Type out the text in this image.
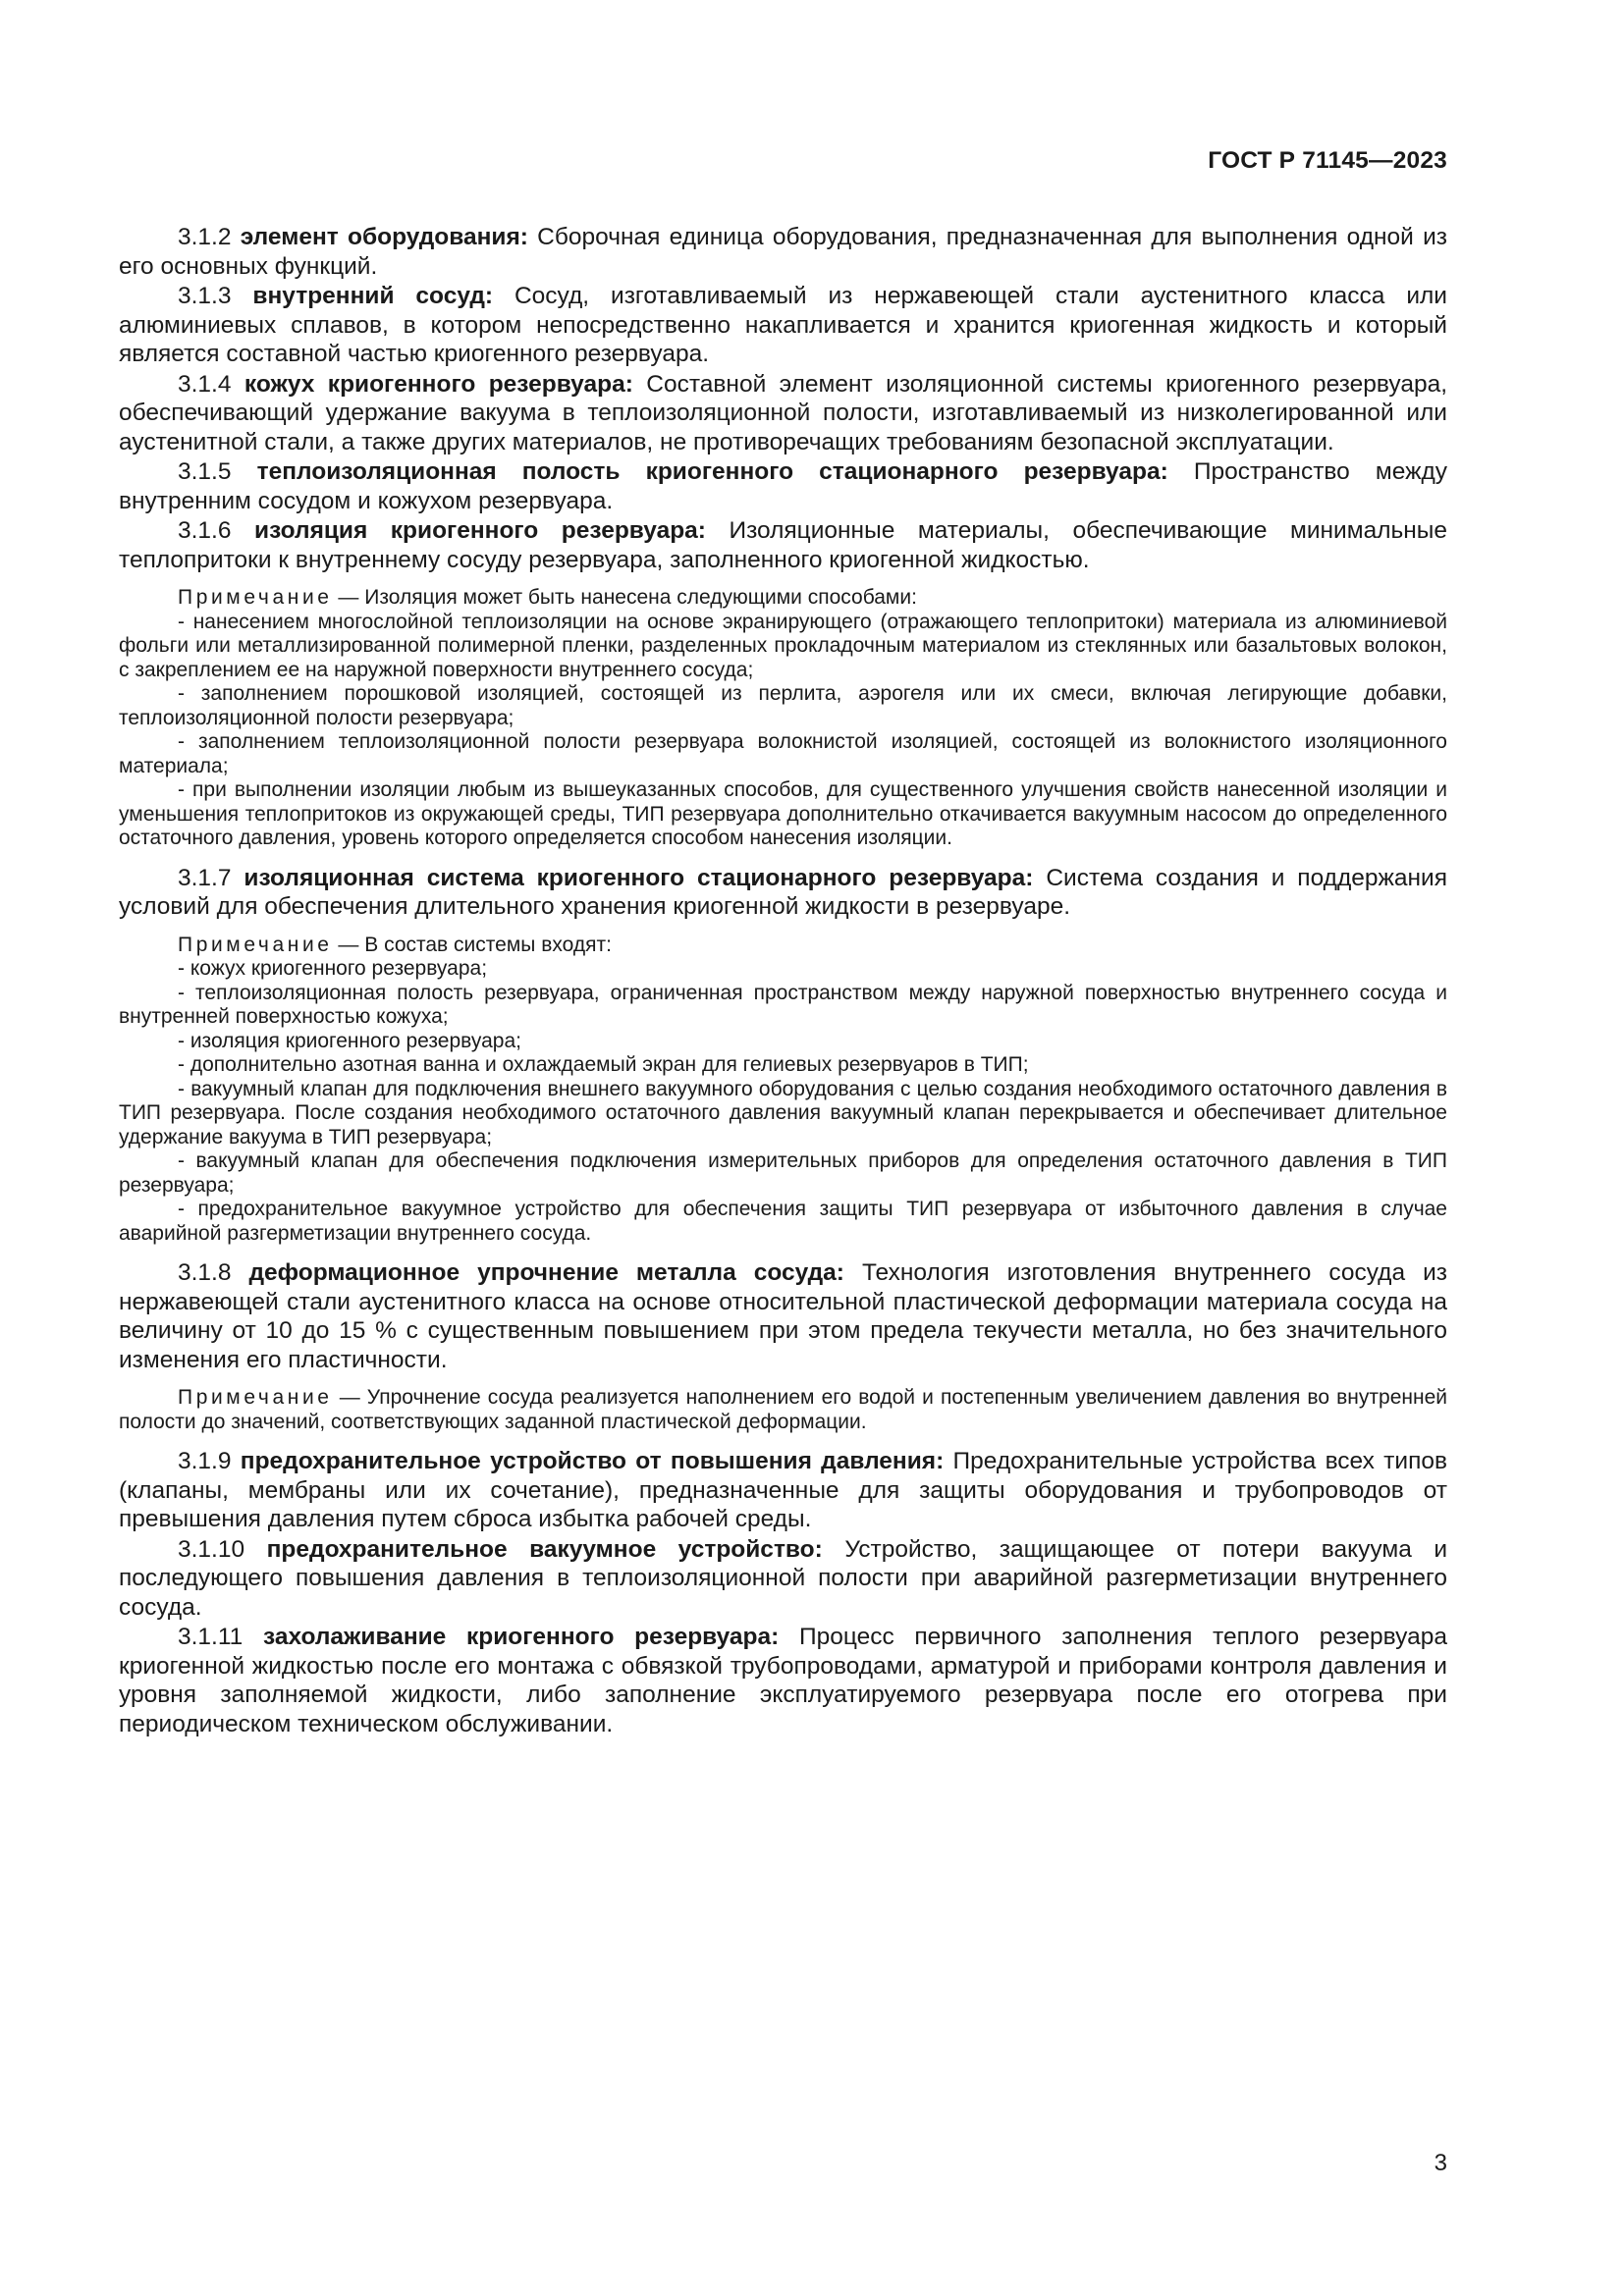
ГОСТ Р 71145—2023

3.1.2 элемент оборудования: Сборочная единица оборудования, предназначенная для выполнения одной из его основных функций.

3.1.3 внутренний сосуд: Сосуд, изготавливаемый из нержавеющей стали аустенитного класса или алюминиевых сплавов, в котором непосредственно накапливается и хранится криогенная жидкость и который является составной частью криогенного резервуара.

3.1.4 кожух криогенного резервуара: Составной элемент изоляционной системы криогенного резервуара, обеспечивающий удержание вакуума в теплоизоляционной полости, изготавливаемый из низколегированной или аустенитной стали, а также других материалов, не противоречащих требованиям безопасной эксплуатации.

3.1.5 теплоизоляционная полость криогенного стационарного резервуара: Пространство между внутренним сосудом и кожухом резервуара.

3.1.6 изоляция криогенного резервуара: Изоляционные материалы, обеспечивающие минимальные теплопритоки к внутреннему сосуду резервуара, заполненного криогенной жидкостью.

Примечание — Изоляция может быть нанесена следующими способами:

- нанесением многослойной теплоизоляции на основе экранирующего (отражающего теплопритоки) материала из алюминиевой фольги или металлизированной полимерной пленки, разделенных прокладочным материалом из стеклянных или базальтовых волокон, с закреплением ее на наружной поверхности внутреннего сосуда;

- заполнением порошковой изоляцией, состоящей из перлита, аэрогеля или их смеси, включая легирующие добавки, теплоизоляционной полости резервуара;

- заполнением теплоизоляционной полости резервуара волокнистой изоляцией, состоящей из волокнистого изоляционного материала;

- при выполнении изоляции любым из вышеуказанных способов, для существенного улучшения свойств нанесенной изоляции и уменьшения теплопритоков из окружающей среды, ТИП резервуара дополнительно откачивается вакуумным насосом до определенного остаточного давления, уровень которого определяется способом нанесения изоляции.

3.1.7 изоляционная система криогенного стационарного резервуара: Система создания и поддержания условий для обеспечения длительного хранения криогенной жидкости в резервуаре.

Примечание — В состав системы входят:

- кожух криогенного резервуара;

- теплоизоляционная полость резервуара, ограниченная пространством между наружной поверхностью внутреннего сосуда и внутренней поверхностью кожуха;

- изоляция криогенного резервуара;

- дополнительно азотная ванна и охлаждаемый экран для гелиевых резервуаров в ТИП;

- вакуумный клапан для подключения внешнего вакуумного оборудования с целью создания необходимого остаточного давления в ТИП резервуара. После создания необходимого остаточного давления вакуумный клапан перекрывается и обеспечивает длительное удержание вакуума в ТИП резервуара;

- вакуумный клапан для обеспечения подключения измерительных приборов для определения остаточного давления в ТИП резервуара;

- предохранительное вакуумное устройство для обеспечения защиты ТИП резервуара от избыточного давления в случае аварийной разгерметизации внутреннего сосуда.

3.1.8 деформационное упрочнение металла сосуда: Технология изготовления внутреннего сосуда из нержавеющей стали аустенитного класса на основе относительной пластической деформации материала сосуда на величину от 10 до 15 % с существенным повышением при этом предела текучести металла, но без значительного изменения его пластичности.

Примечание — Упрочнение сосуда реализуется наполнением его водой и постепенным увеличением давления во внутренней полости до значений, соответствующих заданной пластической деформации.

3.1.9 предохранительное устройство от повышения давления: Предохранительные устройства всех типов (клапаны, мембраны или их сочетание), предназначенные для защиты оборудования и трубопроводов от превышения давления путем сброса избытка рабочей среды.

3.1.10 предохранительное вакуумное устройство: Устройство, защищающее от потери вакуума и последующего повышения давления в теплоизоляционной полости при аварийной разгерметизации внутреннего сосуда.

3.1.11 захолаживание криогенного резервуара: Процесс первичного заполнения теплого резервуара криогенной жидкостью после его монтажа с обвязкой трубопроводами, арматурой и приборами контроля давления и уровня заполняемой жидкости, либо заполнение эксплуатируемого резервуара после его отогрева при периодическом техническом обслуживании.

3
